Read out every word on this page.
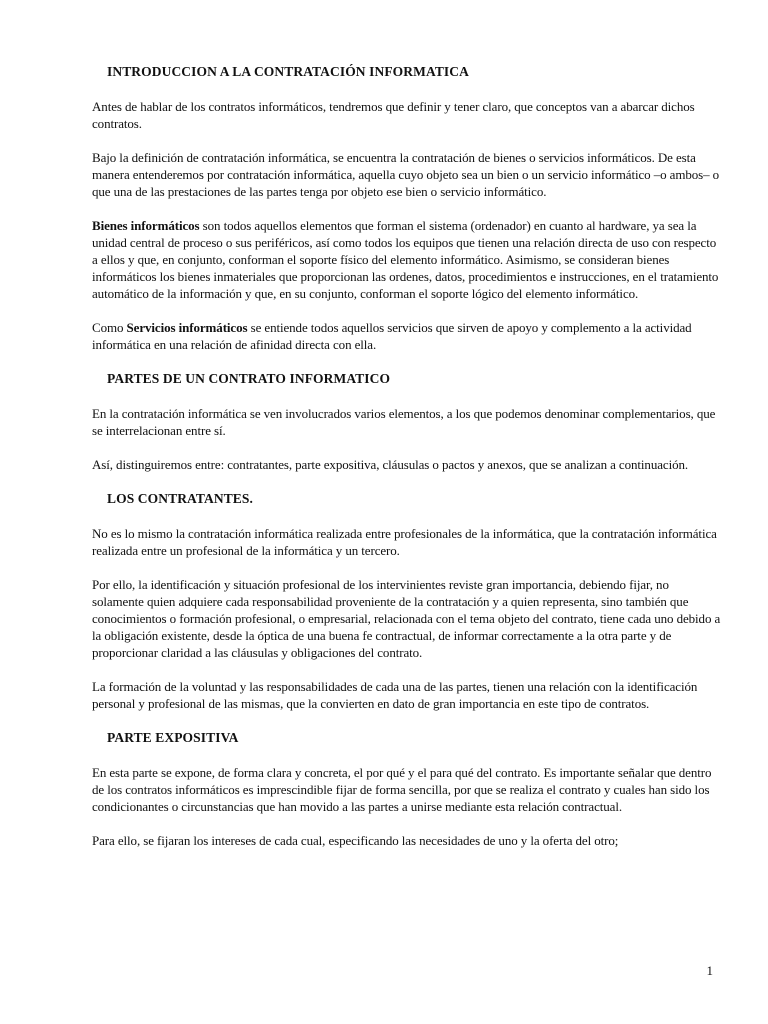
INTRODUCCION A LA CONTRATACIÓN INFORMATICA

Antes de hablar de los contratos informáticos, tendremos que definir y tener claro, que conceptos van a abarcar dichos contratos.

Bajo la definición de contratación informática, se encuentra la contratación de bienes o servicios informáticos. De esta manera entenderemos por contratación informática, aquella cuyo objeto sea un bien o un servicio informático –o ambos– o que una de las prestaciones de las partes tenga por objeto ese bien o servicio informático.

Bienes informáticos son todos aquellos elementos que forman el sistema (ordenador) en cuanto al hardware, ya sea la unidad central de proceso o sus periféricos, así como todos los equipos que tienen una relación directa de uso con respecto a ellos y que, en conjunto, conforman el soporte físico del elemento informático. Asimismo, se consideran bienes informáticos los bienes inmateriales que proporcionan las ordenes, datos, procedimientos e instrucciones, en el tratamiento automático de la información y que, en su conjunto, conforman el soporte lógico del elemento informático.

Como Servicios informáticos se entiende todos aquellos servicios que sirven de apoyo y complemento a la actividad informática en una relación de afinidad directa con ella.

PARTES DE UN CONTRATO INFORMATICO

En la contratación informática se ven involucrados varios elementos, a los que podemos denominar complementarios, que se interrelacionan entre sí.

Así, distinguiremos entre: contratantes, parte expositiva, cláusulas o pactos y anexos, que se analizan a continuación.

LOS CONTRATANTES.

No es lo mismo la contratación informática realizada entre profesionales de la informática, que la contratación informática realizada entre un profesional de la informática y un tercero.

Por ello, la identificación y situación profesional de los intervinientes reviste gran importancia, debiendo fijar, no solamente quien adquiere cada responsabilidad proveniente de la contratación y a quien representa, sino también que conocimientos o formación profesional, o empresarial, relacionada con el tema objeto del contrato, tiene cada uno debido a la obligación existente, desde la óptica de una buena fe contractual, de informar correctamente a la otra parte y de proporcionar claridad a las cláusulas y obligaciones del contrato.

La formación de la voluntad y las responsabilidades de cada una de las partes, tienen una relación con la identificación personal y profesional de las mismas, que la convierten en dato de gran importancia en este tipo de contratos.

PARTE EXPOSITIVA

En esta parte se expone, de forma clara y concreta, el por qué y el para qué del contrato. Es importante señalar que dentro de los contratos informáticos es imprescindible fijar de forma sencilla, por que se realiza el contrato y cuales han sido los condicionantes o circunstancias que han movido a las partes a unirse mediante esta relación contractual.

Para ello, se fijaran los intereses de cada cual, especificando las necesidades de uno y la oferta del otro;

1
